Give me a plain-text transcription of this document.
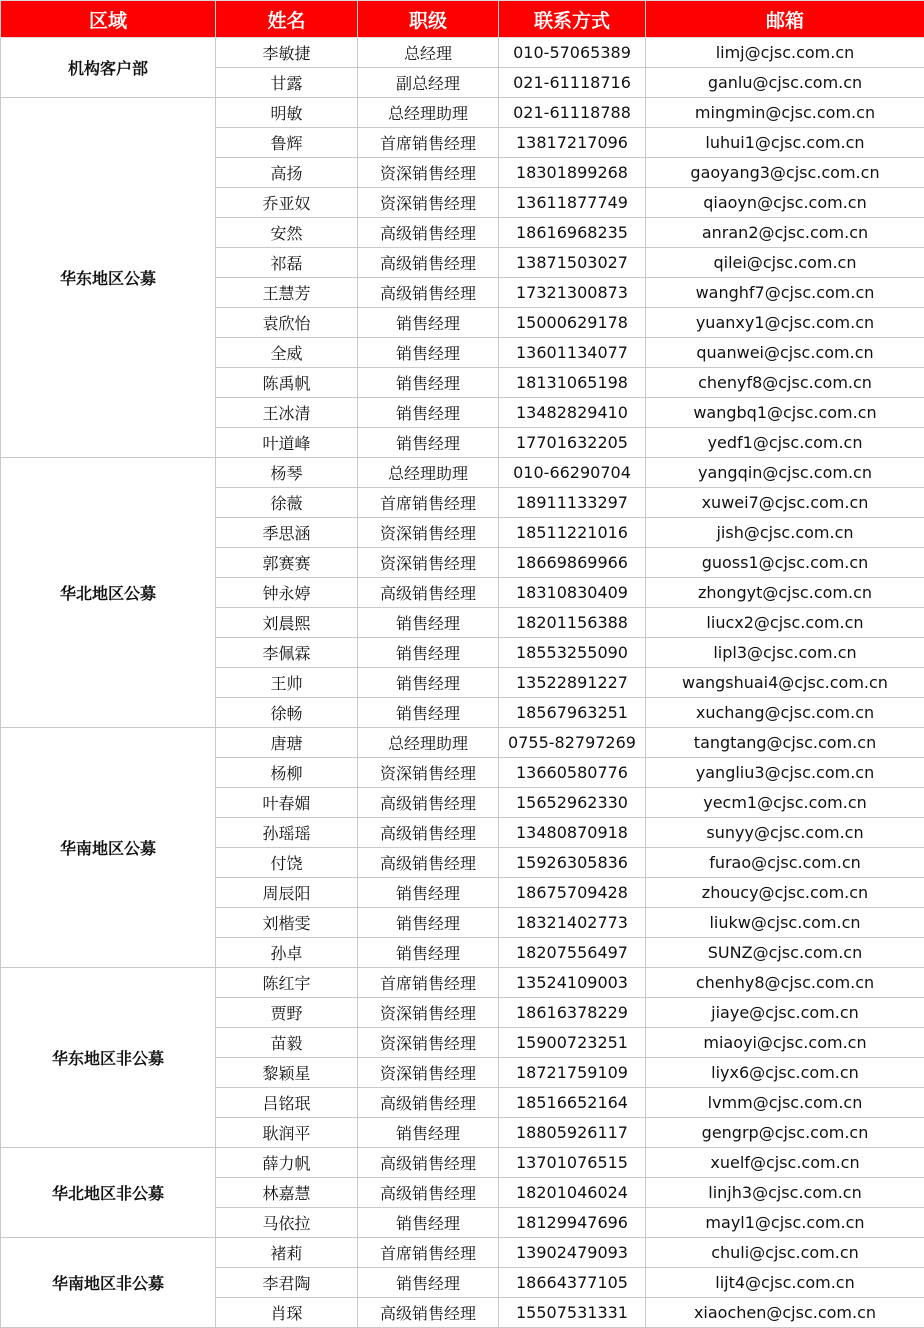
区域	姓名	职级	联系方式	邮箱
机构客户部	李敏捷	总经理	010-57065389	limj@cjsc.com.cn
	甘露	副总经理	021-61118716	ganlu@cjsc.com.cn
华东地区公募	明敏	总经理助理	021-61118788	mingmin@cjsc.com.cn
	鲁辉	首席销售经理	13817217096	luhui1@cjsc.com.cn
	高扬	资深销售经理	18301899268	gaoyang3@cjsc.com.cn
	乔亚奴	资深销售经理	13611877749	qiaoyn@cjsc.com.cn
	安然	高级销售经理	18616968235	anran2@cjsc.com.cn
	祁磊	高级销售经理	13871503027	qilei@cjsc.com.cn
	王慧芳	高级销售经理	17321300873	wanghf7@cjsc.com.cn
	袁欣怡	销售经理	15000629178	yuanxy1@cjsc.com.cn
	全威	销售经理	13601134077	quanwei@cjsc.com.cn
	陈禹帆	销售经理	18131065198	chenyf8@cjsc.com.cn
	王冰清	销售经理	13482829410	wangbq1@cjsc.com.cn
	叶道峰	销售经理	17701632205	yedf1@cjsc.com.cn
华北地区公募	杨琴	总经理助理	010-66290704	yangqin@cjsc.com.cn
	徐薇	首席销售经理	18911133297	xuwei7@cjsc.com.cn
	季思涵	资深销售经理	18511221016	jish@cjsc.com.cn
	郭赛赛	资深销售经理	18669869966	guoss1@cjsc.com.cn
	钟永婷	高级销售经理	18310830409	zhongyt@cjsc.com.cn
	刘晨熙	销售经理	18201156388	liucx2@cjsc.com.cn
	李佩霖	销售经理	18553255090	lipl3@cjsc.com.cn
	王帅	销售经理	13522891227	wangshuai4@cjsc.com.cn
	徐畅	销售经理	18567963251	xuchang@cjsc.com.cn
华南地区公募	唐瑭	总经理助理	0755-82797269	tangtang@cjsc.com.cn
	杨柳	资深销售经理	13660580776	yangliu3@cjsc.com.cn
	叶春媚	高级销售经理	15652962330	yecm1@cjsc.com.cn
	孙瑶瑶	高级销售经理	13480870918	sunyy@cjsc.com.cn
	付饶	高级销售经理	15926305836	furao@cjsc.com.cn
	周辰阳	销售经理	18675709428	zhoucy@cjsc.com.cn
	刘楷雯	销售经理	18321402773	liukw@cjsc.com.cn
	孙卓	销售经理	18207556497	SUNZ@cjsc.com.cn
华东地区非公募	陈红宇	首席销售经理	13524109003	chenhy8@cjsc.com.cn
	贾野	资深销售经理	18616378229	jiaye@cjsc.com.cn
	苗毅	资深销售经理	15900723251	miaoyi@cjsc.com.cn
	黎颖星	资深销售经理	18721759109	liyx6@cjsc.com.cn
	吕铭珉	高级销售经理	18516652164	lvmm@cjsc.com.cn
	耿润平	销售经理	18805926117	gengrp@cjsc.com.cn
华北地区非公募	薛力帆	高级销售经理	13701076515	xuelf@cjsc.com.cn
	林嘉慧	高级销售经理	18201046024	linjh3@cjsc.com.cn
	马依拉	销售经理	18129947696	mayl1@cjsc.com.cn
华南地区非公募	褚莉	首席销售经理	13902479093	chuli@cjsc.com.cn
	李君陶	销售经理	18664377105	lijt4@cjsc.com.cn
	肖琛	高级销售经理	15507531331	xiaochen@cjsc.com.cn
